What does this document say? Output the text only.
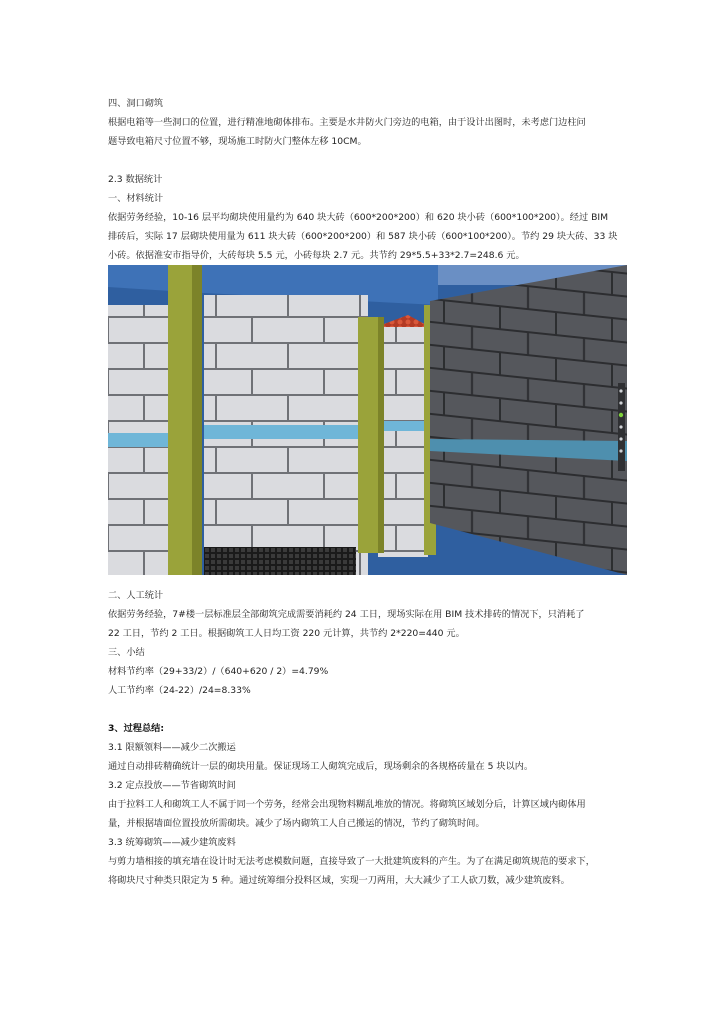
四、洞口砌筑
根据电箱等一些洞口的位置，进行精准地砌体排布。主要是水井防火门旁边的电箱，由于设计出图时，未考虑门边柱问
题导致电箱尺寸位置不够，现场施工时防火门整体左移 10CM。
2.3 数据统计
一、材料统计
依据劳务经验，10-16 层平均砌块使用量约为 640 块大砖（600*200*200）和 620 块小砖（600*100*200）。经过 BIM
排砖后，实际 17 层砌块使用量为 611 块大砖（600*200*200）和 587 块小砖（600*100*200）。节约 29 块大砖、33 块
小砖。依据淮安市指导价，大砖每块 5.5 元，小砖每块 2.7 元。共节约 29*5.5+33*2.7=248.6 元。
二、人工统计
依据劳务经验，7#楼一层标准层全部砌筑完成需要消耗约 24 工日，现场实际在用 BIM 技术排砖的情况下，只消耗了
22 工日，节约 2 工日。根据砌筑工人日均工资 220 元计算，共节约 2*220=440 元。
三、小结
材料节约率（29+33/2）/（640+620 / 2）=4.79%
人工节约率（24-22）/24=8.33%
3、过程总结:
3.1 限额领料——减少二次搬运
通过自动排砖精确统计一层的砌块用量。保证现场工人砌筑完成后，现场剩余的各规格砖量在 5 块以内。
3.2 定点投放——节省砌筑时间
由于拉料工人和砌筑工人不属于同一个劳务，经常会出现物料糊乱堆放的情况。将砌筑区域划分后，计算区域内砌体用
量，并根据墙面位置投放所需砌块。减少了场内砌筑工人自己搬运的情况，节约了砌筑时间。
3.3 统筹砌筑——减少建筑废料
与剪力墙相接的填充墙在设计时无法考虑模数问题，直接导致了一大批建筑废料的产生。为了在满足砌筑规范的要求下，
将砌块尺寸种类只限定为 5 种。通过统筹细分投料区域，实现一刀两用，大大减少了工人砍刀数，减少建筑废料。
